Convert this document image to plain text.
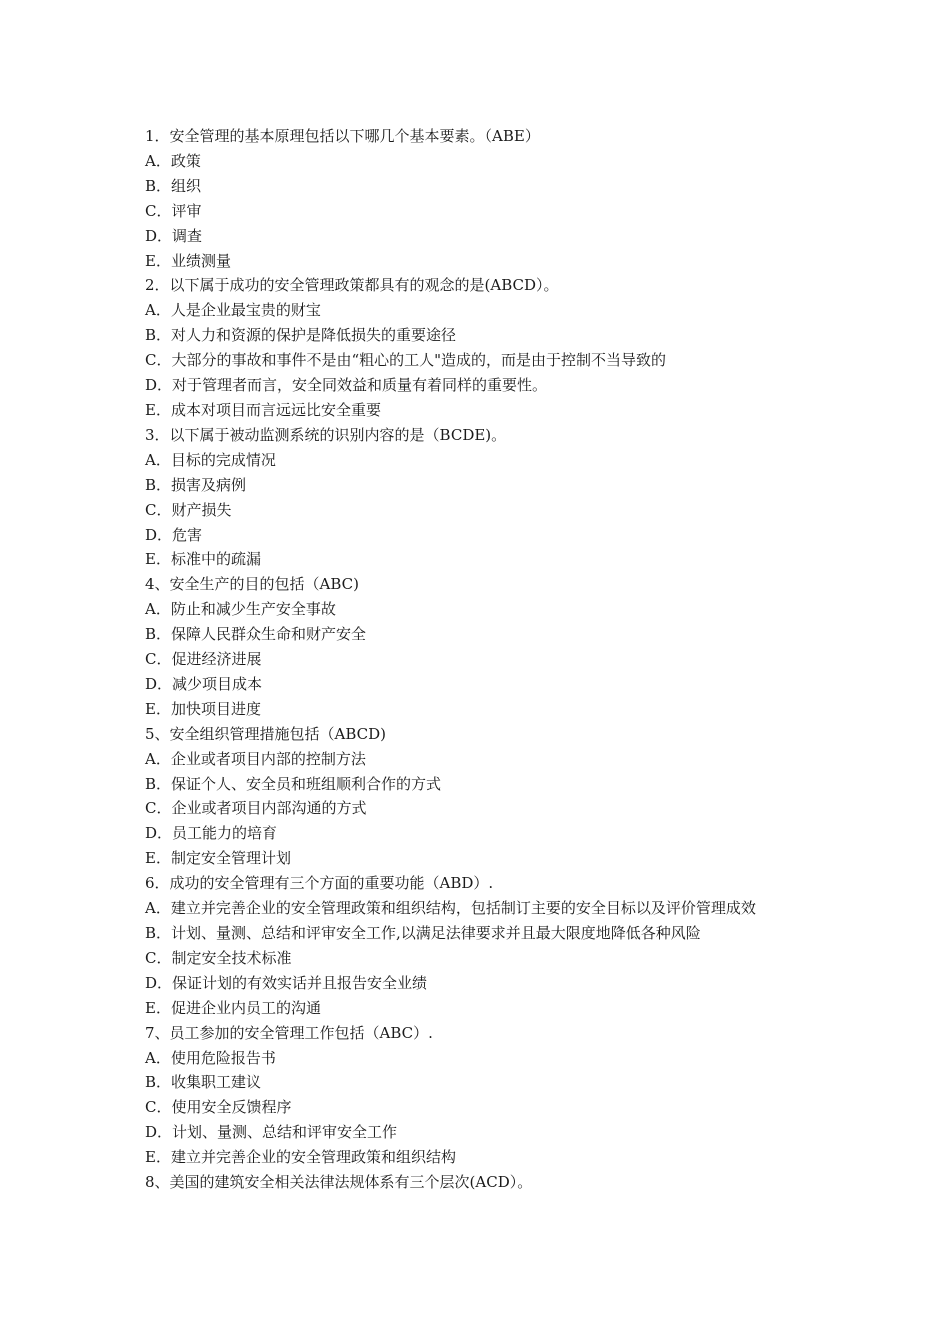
1．安全管理的基本原理包括以下哪几个基本要素。（ABE）
A．政策
B．组织
C．评审
D．调查
E．业绩测量
2．以下属于成功的安全管理政策都具有的观念的是(ABCD）。
A．人是企业最宝贵的财宝
B．对人力和资源的保护是降低损失的重要途径
C．大部分的事故和事件不是由“粗心的工人"造成的，而是由于控制不当导致的
D．对于管理者而言，安全同效益和质量有着同样的重要性。
E．成本对项目而言远远比安全重要
3．以下属于被动监测系统的识别内容的是（BCDE)。
A．目标的完成情况
B．损害及病例
C．财产损失
D．危害
E．标准中的疏漏
4、安全生产的目的包括（ABC)
A．防止和减少生产安全事故
B．保障人民群众生命和财产安全
C．促进经济进展
D．减少项目成本
E．加快项目进度
5、安全组织管理措施包括（ABCD)
A．企业或者项目内部的控制方法
B．保证个人、安全员和班组顺利合作的方式
C．企业或者项目内部沟通的方式
D．员工能力的培育
E．制定安全管理计划
6．成功的安全管理有三个方面的重要功能（ABD）.
A．建立并完善企业的安全管理政策和组织结构，包括制订主要的安全目标以及评价管理成效
B．计划、量测、总结和评审安全工作,以满足法律要求并且最大限度地降低各种风险
C．制定安全技术标准
D．保证计划的有效实话并且报告安全业绩
E．促进企业内员工的沟通
7、员工参加的安全管理工作包括（ABC）.
A．使用危险报告书
B．收集职工建议
C．使用安全反馈程序
D．计划、量测、总结和评审安全工作
E．建立并完善企业的安全管理政策和组织结构
8、美国的建筑安全相关法律法规体系有三个层次(ACD）。
